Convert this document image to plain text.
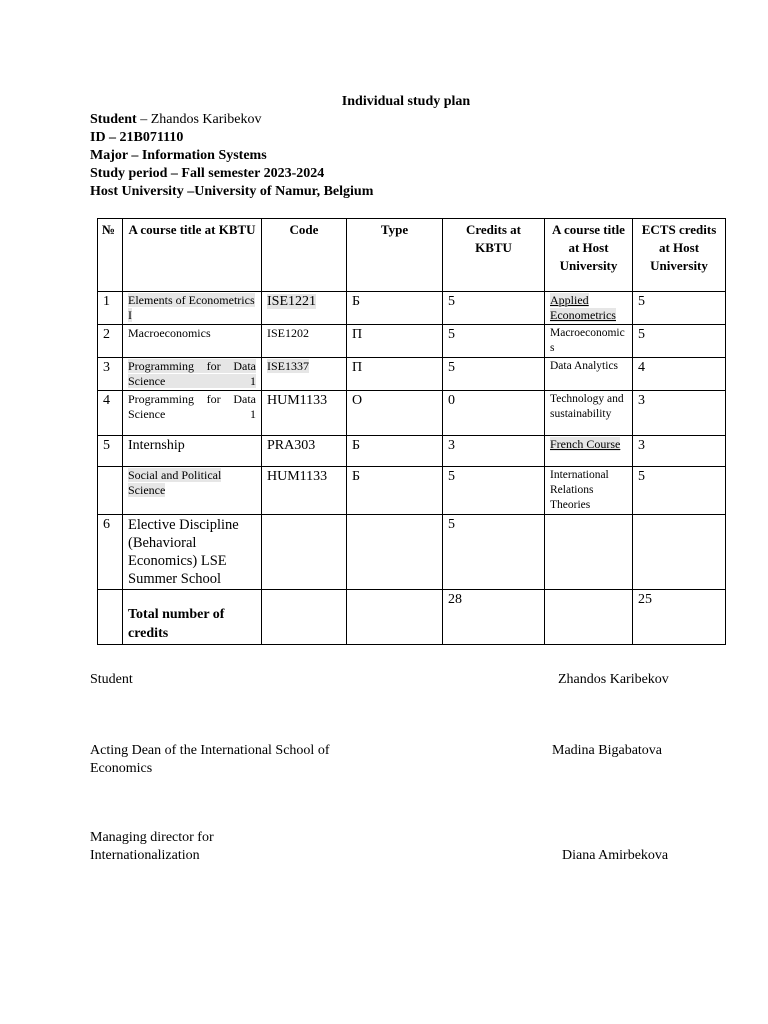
Individual study plan
Student – Zhandos Karibekov
ID – 21B071110
Major – Information Systems
Study period – Fall semester 2023-2024
Host University –University of Namur, Belgium
№	A course title at KBTU	Code	Type	Credits at KBTU	A course title at Host University	ECTS credits at Host University
1	Elements of Econometrics I	ISE1221	Б	5	Applied Econometrics	5
2	Macroeconomics	ISE1202	П	5	Macroeconomics	5
3	Programming for Data Science 1	ISE1337	П	5	Data Analytics	4
4	Programming for Data Science 1	HUM1133	О	0	Technology and sustainability	3
5	Internship	PRA303	Б	3	French Course	3
	Social and Political Science	HUM1133	Б	5	International Relations Theories	5
6	Elective Discipline (Behavioral Economics) LSE Summer School			5		
	Total number of credits			28		25
Student	Zhandos Karibekov
Acting Dean of the International School of Economics
Madina Bigabatova
Managing director for Internationalization	Diana Amirbekova
